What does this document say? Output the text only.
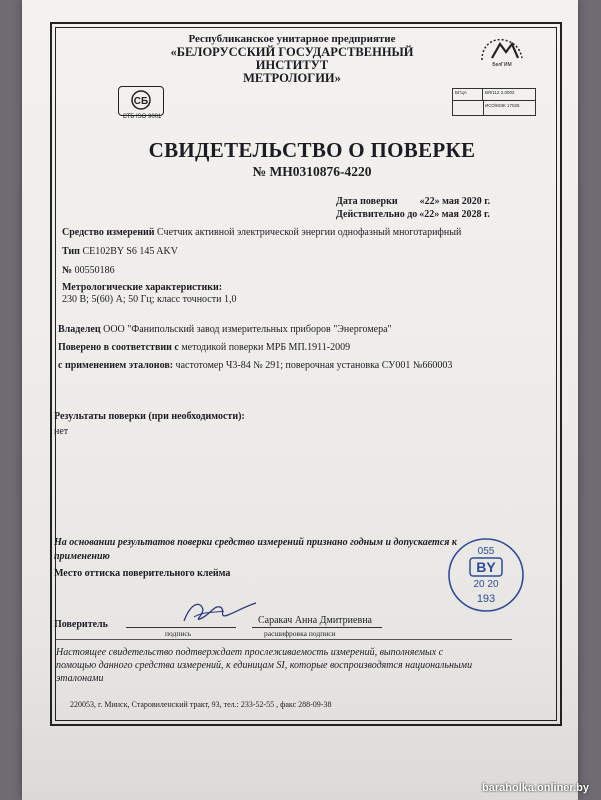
Республиканское унитарное предприятие
«БЕЛОРУССКИЙ ГОСУДАРСТВЕННЫЙ ИНСТИТУТ
МЕТРОЛОГИИ»
БелГИМ
СБ
СТБ ISO 9001
БГЦА	ВЯ/112 2.0002
ИСО/МЭК 17025
СВИДЕТЕЛЬСТВО О ПОВЕРКЕ
№ МН0310876-4220
Дата поверки «22» мая 2020 г.
Действительно до «22» мая 2028 г.
Средство измерений Счетчик активной электрической энергии однофазный многотарифный
Тип CE102BY S6 145 AKV
№ 00550186
Метрологические характеристики:
230 В; 5(60) А; 50 Гц; класс точности 1,0
Владелец ООО "Фанипольский завод измерительных приборов "Энергомера"
Поверено в соответствии с методикой поверки МРБ МП.1911-2009
с применением эталонов: частотомер Ч3-84 № 291; поверочная установка СУ001 №660003
Результаты поверки (при необходимости):
нет
На основании результатов поверки средство измерений признано годным и допускается к
применению
Место оттиска поверительного клейма
055
BY
20 20
193
Поверитель
подпись
Саракач Анна Дмитриевна
расшифровка подписи
Настоящее свидетельство подтверждает прослеживаемость измерений, выполняемых с
помощью данного средства измерений, к единицам SI, которые воспроизводятся национальными
эталонами
220053, г. Минск, Старовиленский тракт, 93, тел.: 233-52-55 , факс 288-09-38
baraholka.onliner.by
